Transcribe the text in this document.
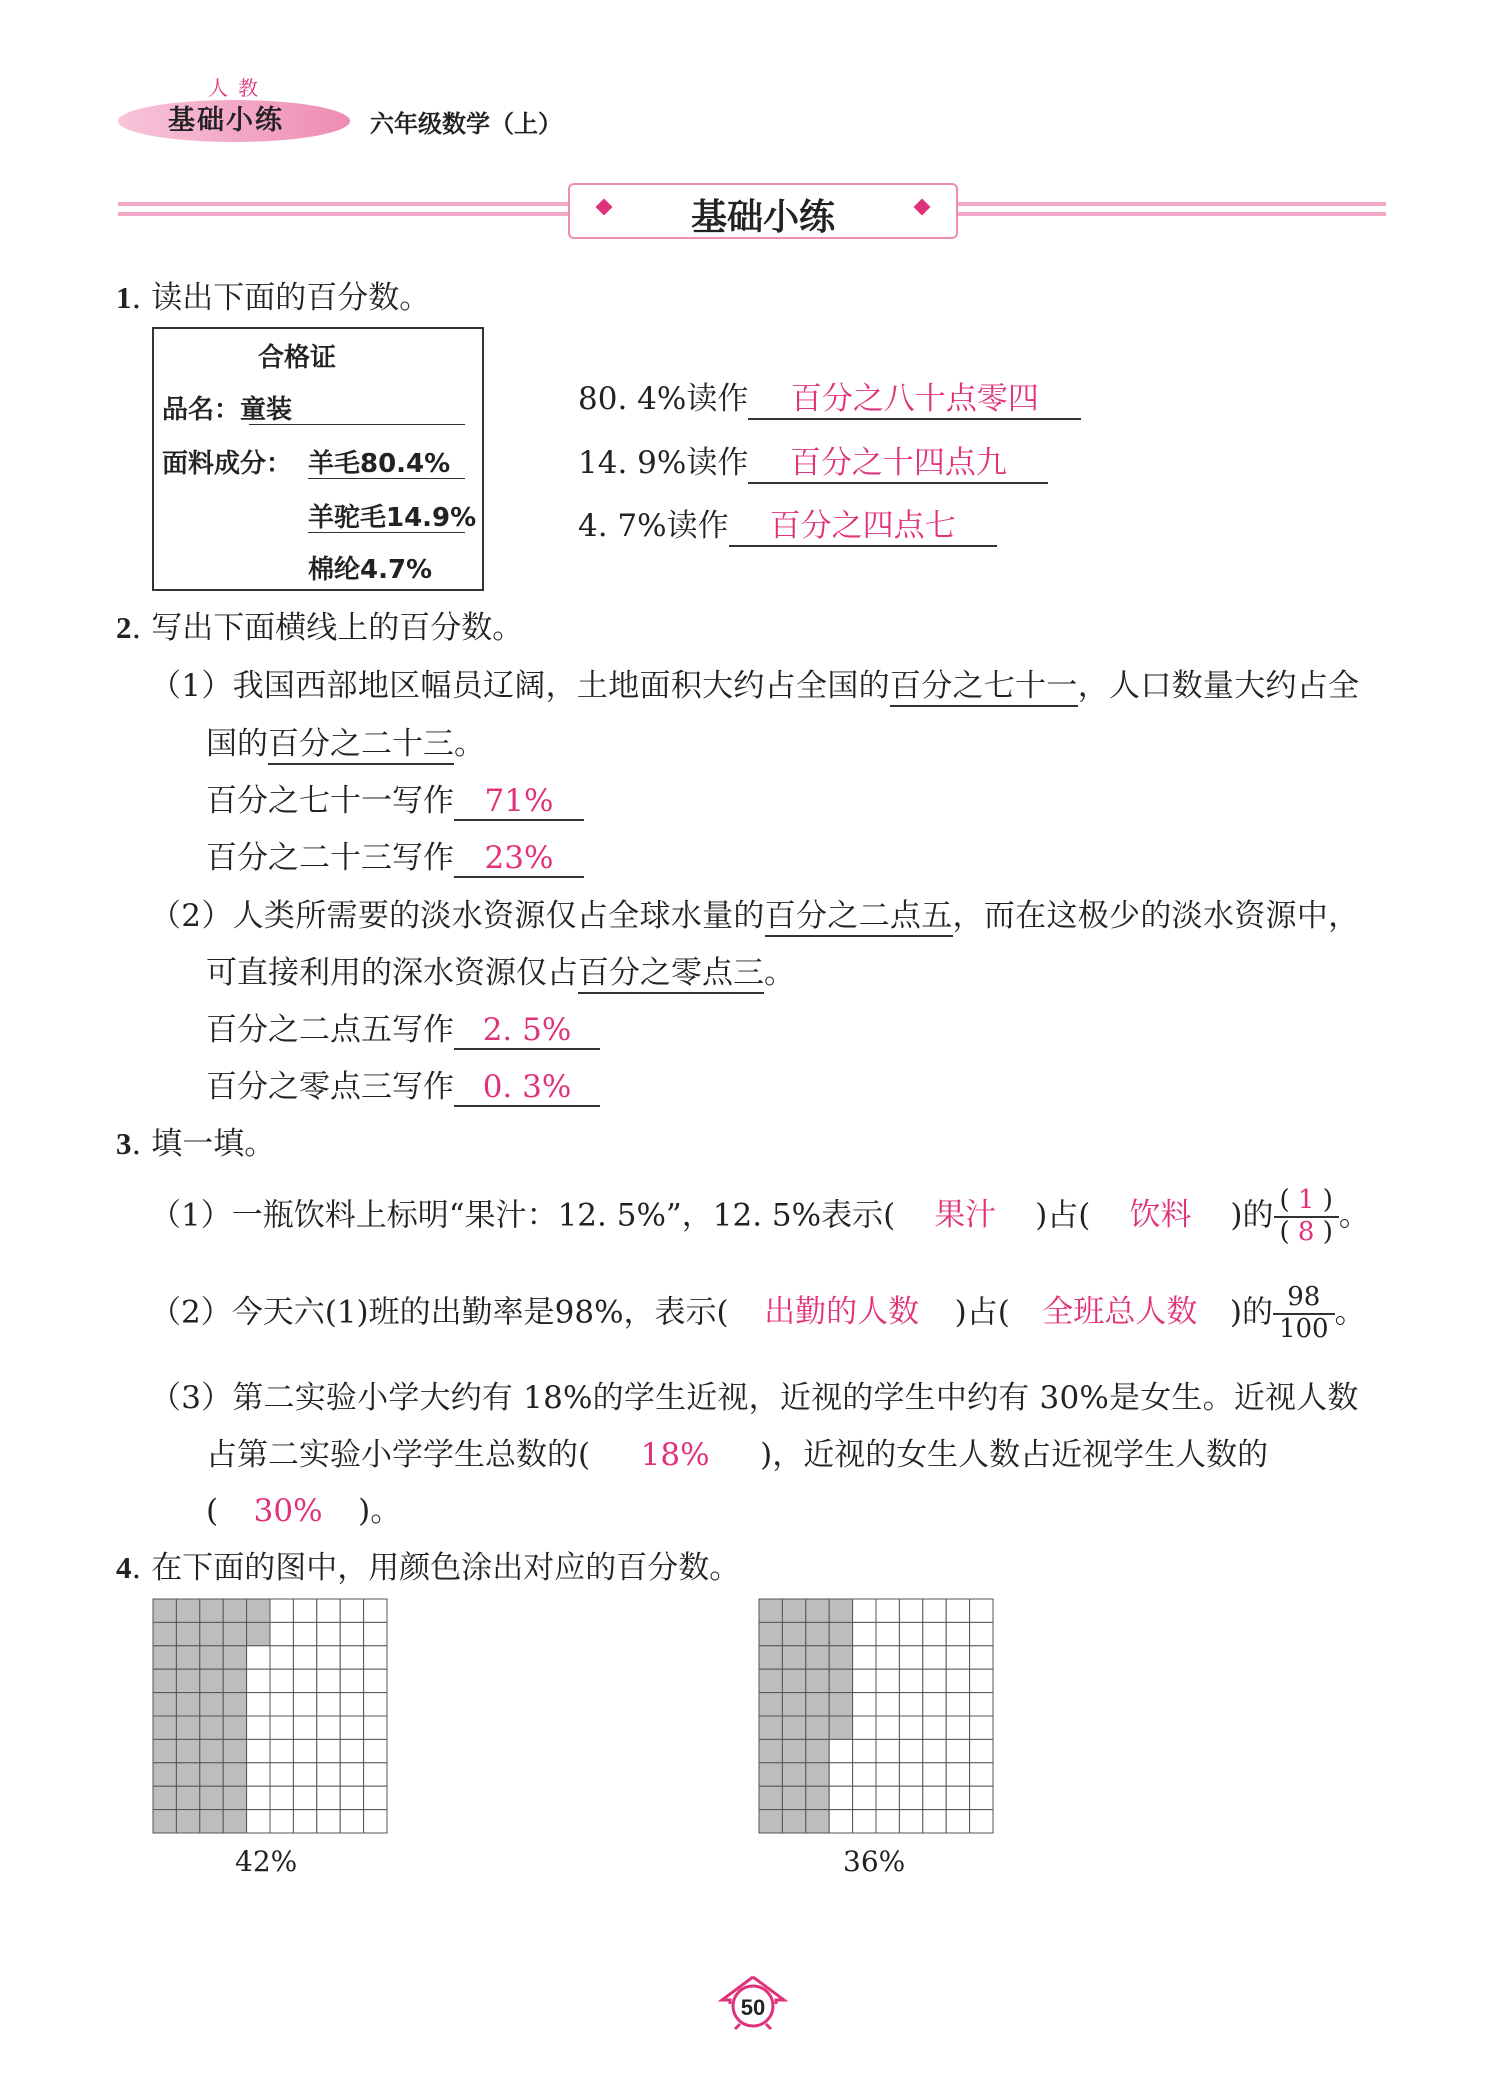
人教
基础小练	六年级数学（上）
基础小练
1. 读出下面的百分数。
合格证
品名：童装
面料成分： 羊毛80.4%
羊驼毛14.9%
棉纶4.7%
80. 4%读作 百分之八十点零四
14. 9%读作 百分之十四点九
4. 7%读作 百分之四点七
2. 写出下面横线上的百分数。
（1）我国西部地区幅员辽阔，土地面积大约占全国的百分之七十一，人口数量大约占全
国的百分之二十三。
百分之七十一写作 71%
百分之二十三写作 23%
（2）人类所需要的淡水资源仅占全球水量的百分之二点五，而在这极少的淡水资源中，
可直接利用的深水资源仅占百分之零点三。
百分之二点五写作 2. 5%
百分之零点三写作 0. 3%
3. 填一填。
（1）一瓶饮料上标明“果汁：12. 5%”，12. 5%表示( 果汁 )占( 饮料 )的 $\frac{( 1 )}{( 8 )}$ 。
（2）今天六(1)班的出勤率是98%，表示( 出勤的人数 )占( 全班总人数 )的 $\frac{98}{100}$ 。
（3）第二实验小学大约有 18%的学生近视，近视的学生中约有 30%是女生。近视人数
占第二实验小学学生总数的( 18% )，近视的女生人数占近视学生人数的
( 30% )。
4. 在下面的图中，用颜色涂出对应的百分数。
42%	36%
50
